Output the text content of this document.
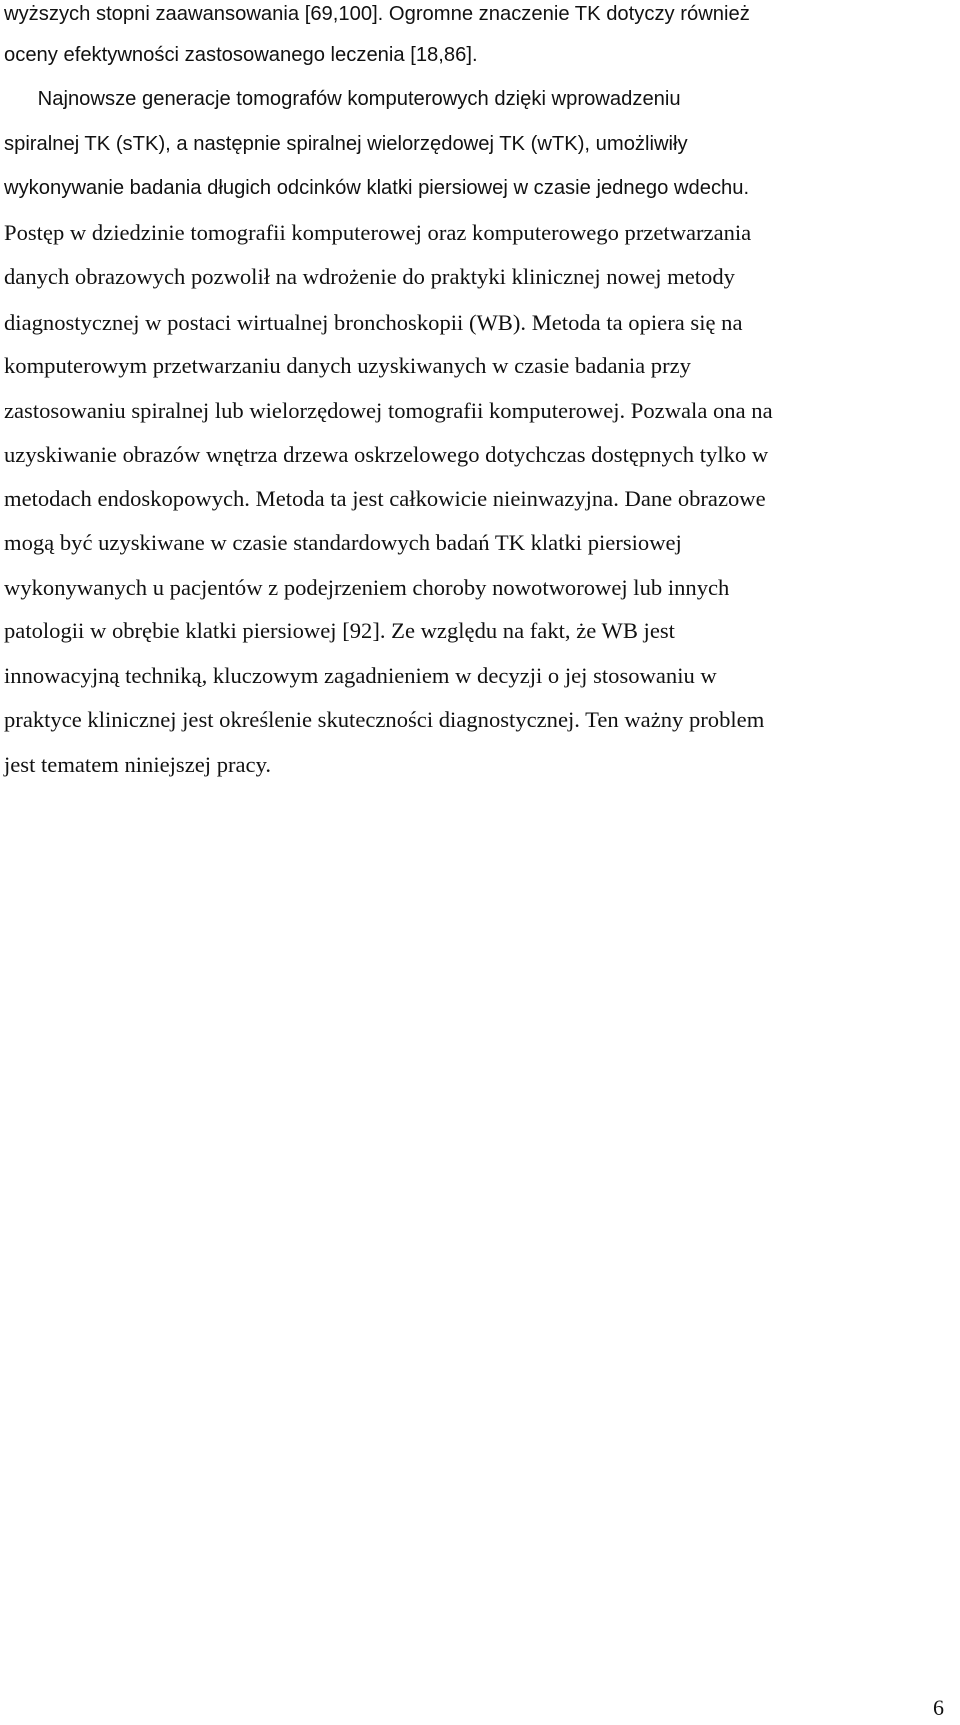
wyższych stopni zaawansowania [69,100]. Ogromne znaczenie TK dotyczy również
oceny efektywności zastosowanego leczenia [18,86].
Najnowsze generacje tomografów komputerowych dzięki wprowadzeniu
spiralnej TK (sTK), a następnie spiralnej wielorzędowej TK (wTK), umożliwiły
wykonywanie badania długich odcinków klatki piersiowej w czasie jednego wdechu.
Postęp w dziedzinie tomografii komputerowej oraz komputerowego przetwarzania
danych obrazowych pozwolił na wdrożenie do praktyki klinicznej nowej metody
diagnostycznej w postaci wirtualnej bronchoskopii (WB). Metoda ta opiera się na
komputerowym przetwarzaniu danych uzyskiwanych w czasie badania przy
zastosowaniu spiralnej lub wielorzędowej tomografii komputerowej. Pozwala ona na
uzyskiwanie obrazów wnętrza drzewa oskrzelowego dotychczas dostępnych tylko w
metodach endoskopowych. Metoda ta jest całkowicie nieinwazyjna. Dane obrazowe
mogą być uzyskiwane w czasie standardowych badań TK klatki piersiowej
wykonywanych u pacjentów z podejrzeniem choroby nowotworowej lub innych
patologii w obrębie klatki piersiowej [92]. Ze względu na fakt, że WB jest
innowacyjną techniką, kluczowym zagadnieniem w decyzji o jej stosowaniu w
praktyce klinicznej jest określenie skuteczności diagnostycznej. Ten ważny problem
jest tematem niniejszej pracy.
6
